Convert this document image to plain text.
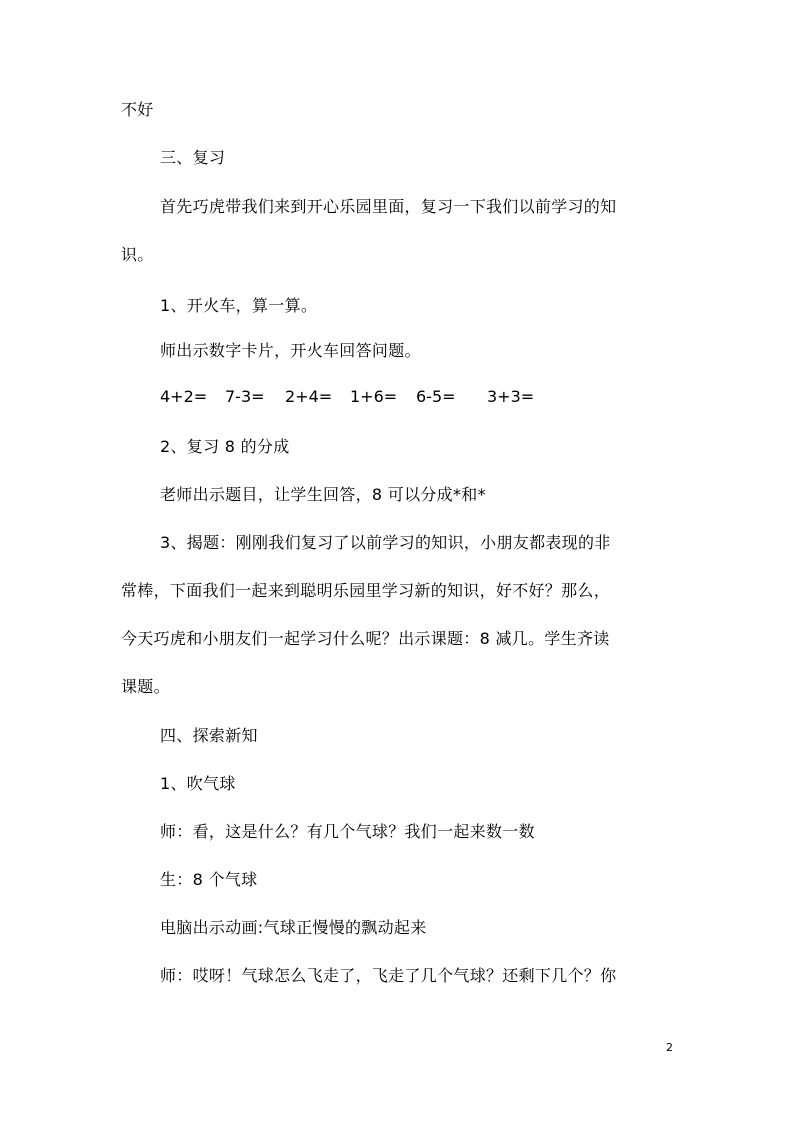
不好
三、复习
首先巧虎带我们来到开心乐园里面，复习一下我们以前学习的知
识。
1、开火车，算一算。
师出示数字卡片，开火车回答问题。
4+2= 7-3= 2+4= 1+6= 6-5= 3+3=
2、复习 8 的分成
老师出示题目，让学生回答，8 可以分成*和*
3、揭题：刚刚我们复习了以前学习的知识，小朋友都表现的非
常棒，下面我们一起来到聪明乐园里学习新的知识，好不好？那么，
今天巧虎和小朋友们一起学习什么呢？出示课题：8 减几。学生齐读
课题。
四、探索新知
1、吹气球
师：看，这是什么？有几个气球？我们一起来数一数
生：8 个气球
电脑出示动画:气球正慢慢的飘动起来
师：哎呀！气球怎么飞走了，飞走了几个气球？还剩下几个？你
2
